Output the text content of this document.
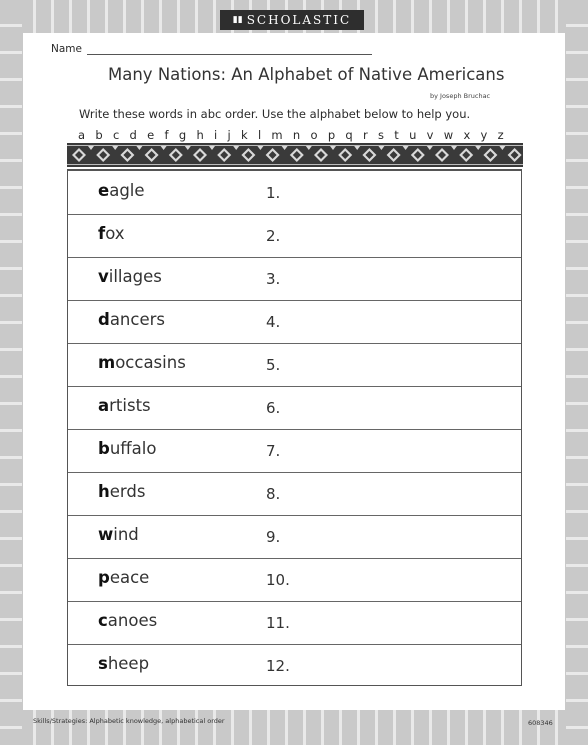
▮▮ SCHOLASTIC
Name
Many Nations: An Alphabet of Native Americans
by Joseph Bruchac
Write these words in abc order. Use the alphabet below to help you.
a b c d e f g h i j k l m n o p q r s t u v w x y z
eagle	1.
fox	2.
villages	3.
dancers	4.
moccasins	5.
artists	6.
buffalo	7.
herds	8.
wind	9.
peace	10.
canoes	11.
sheep	12.
Skills/Strategies: Alphabetic knowledge, alphabetical order	608346
